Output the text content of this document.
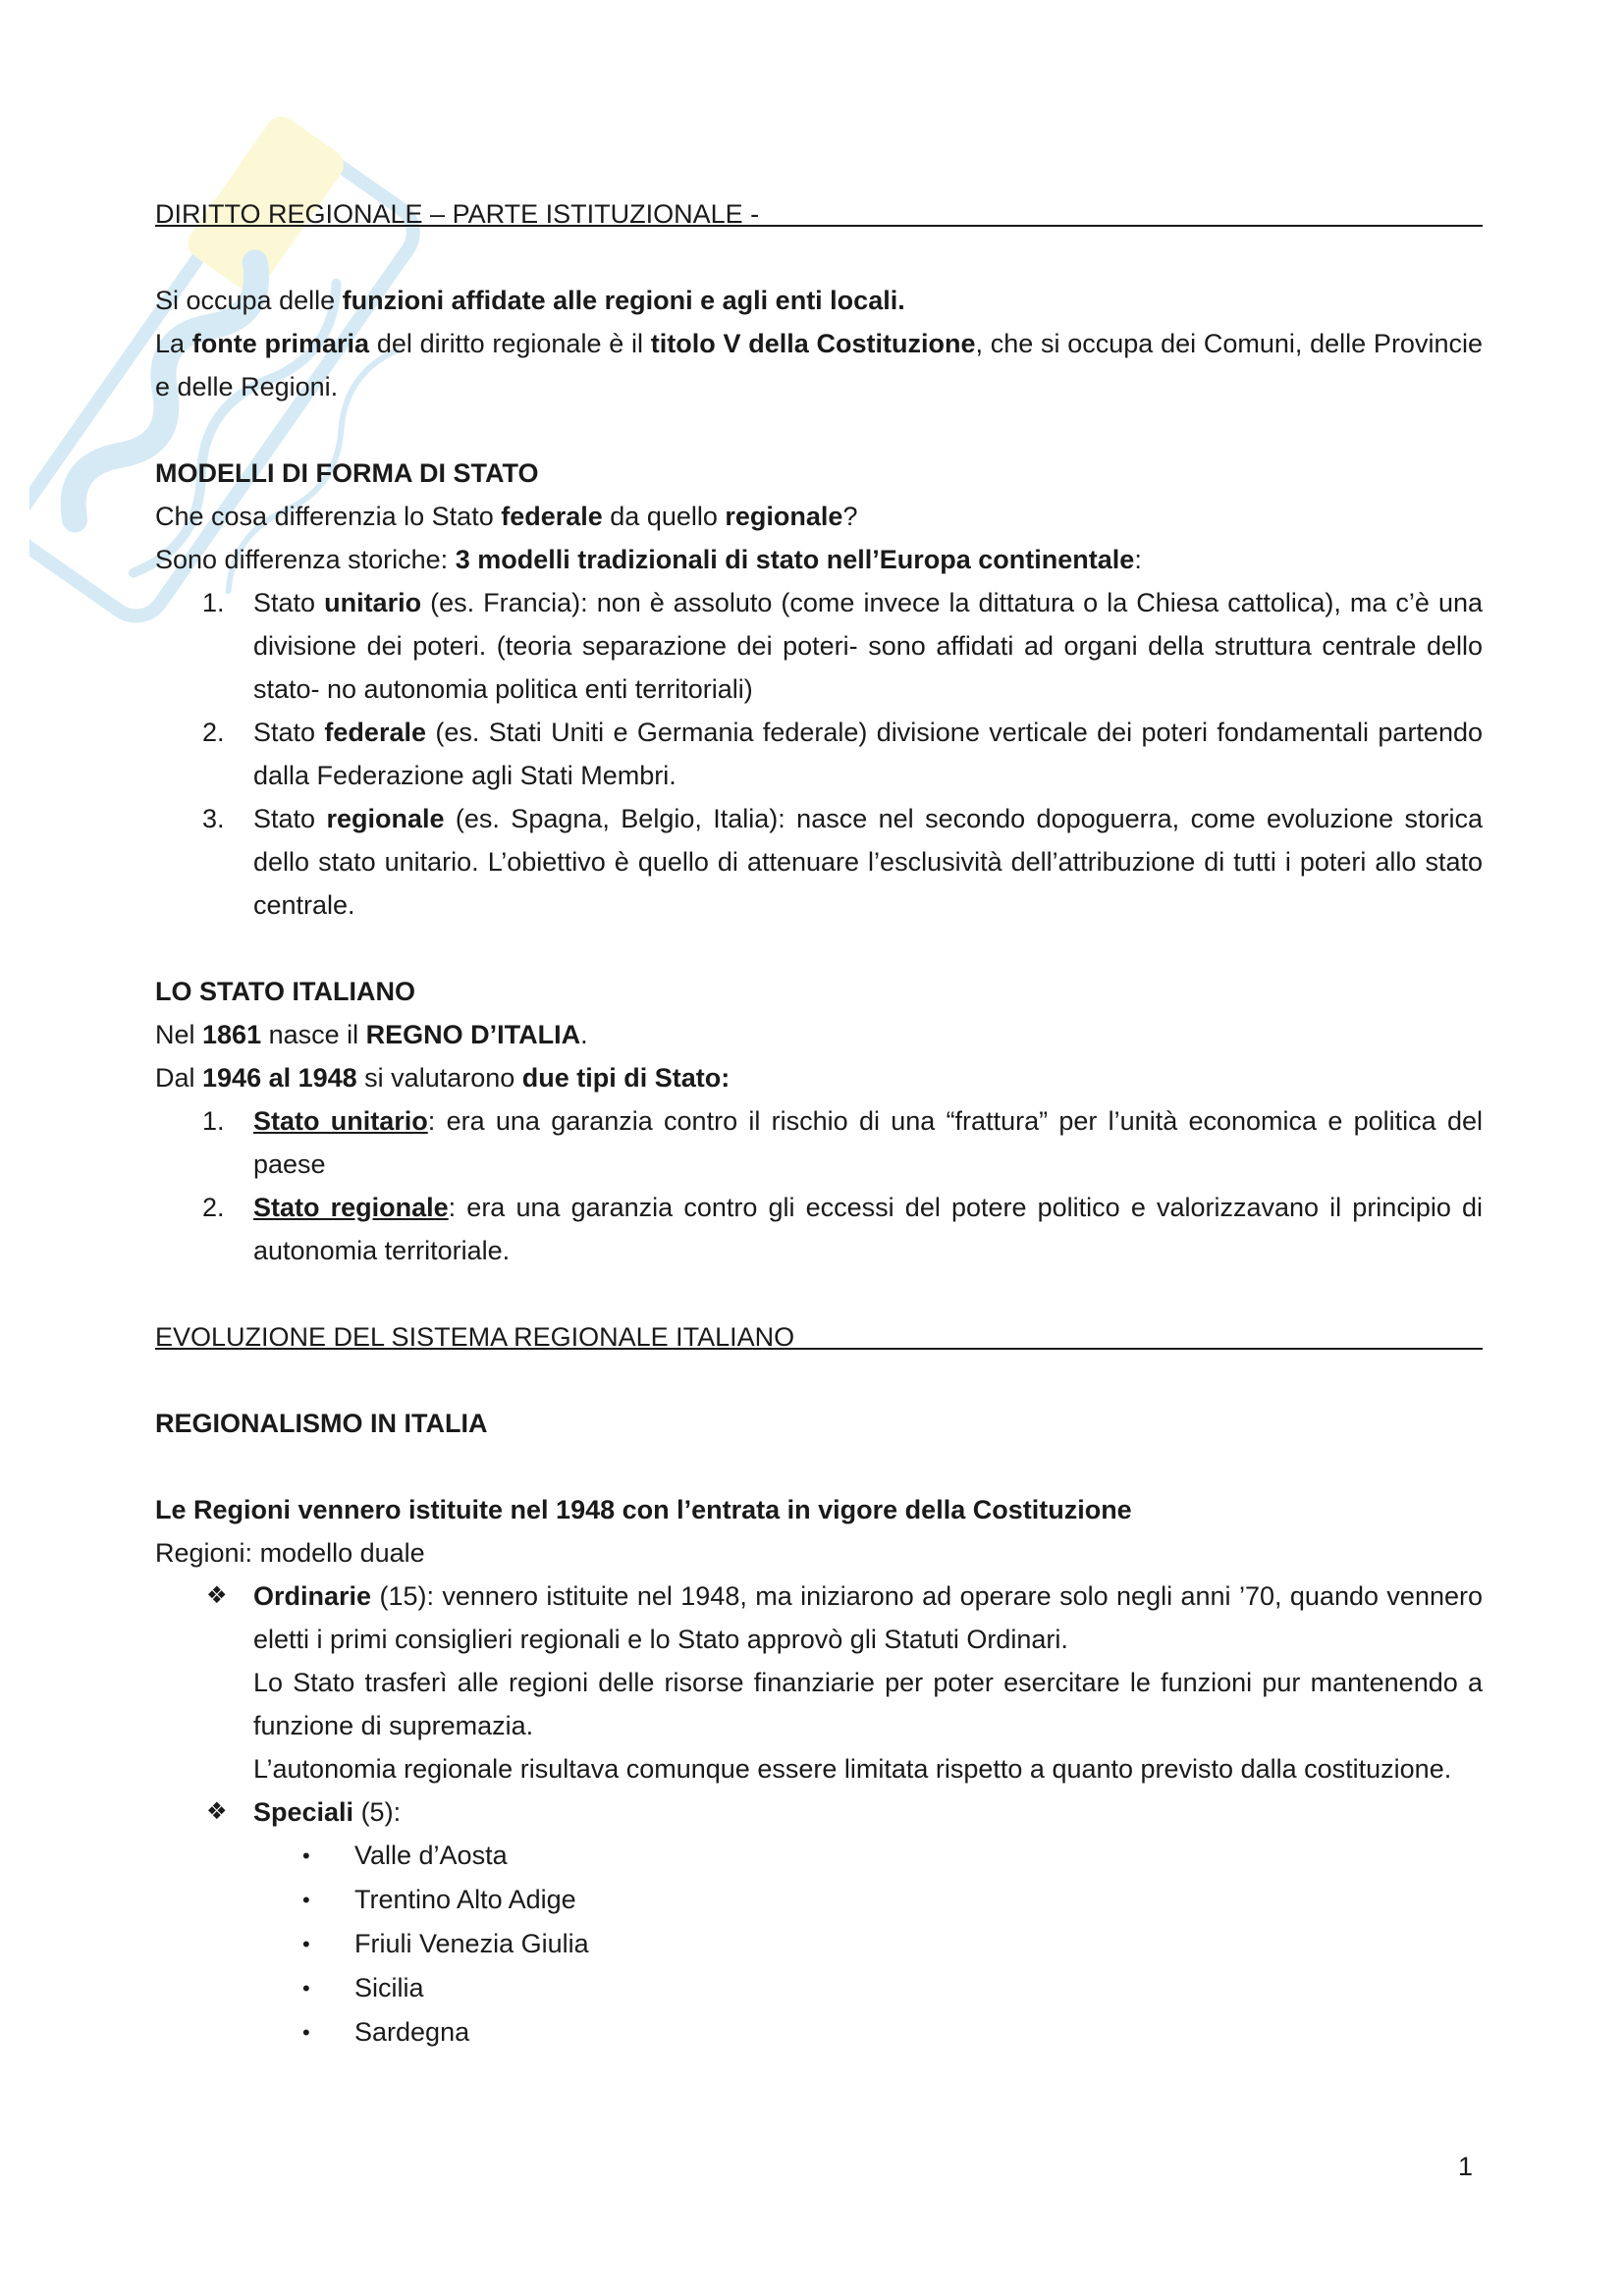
DIRITTO REGIONALE – PARTE ISTITUZIONALE -

Si occupa delle funzioni affidate alle regioni e agli enti locali.

La fonte primaria del diritto regionale è il titolo V della Costituzione, che si occupa dei Comuni, delle Provincie e delle Regioni.

MODELLI DI FORMA DI STATO

Che cosa differenzia lo Stato federale da quello regionale?

Sono differenza storiche: 3 modelli tradizionali di stato nell’Europa continentale:

1. Stato unitario (es. Francia): non è assoluto (come invece la dittatura o la Chiesa cattolica), ma c’è una divisione dei poteri. (teoria separazione dei poteri- sono affidati ad organi della struttura centrale dello stato- no autonomia politica enti territoriali)
2. Stato federale (es. Stati Uniti e Germania federale) divisione verticale dei poteri fondamentali partendo dalla Federazione agli Stati Membri.
3. Stato regionale (es. Spagna, Belgio, Italia): nasce nel secondo dopoguerra, come evoluzione storica dello stato unitario. L’obiettivo è quello di attenuare l’esclusività dell’attribuzione di tutti i poteri allo stato centrale.

LO STATO ITALIANO

Nel 1861 nasce il REGNO D’ITALIA.

Dal 1946 al 1948 si valutarono due tipi di Stato:

1. Stato unitario: era una garanzia contro il rischio di una “frattura” per l’unità economica e politica del paese
2. Stato regionale: era una garanzia contro gli eccessi del potere politico e valorizzavano il principio di autonomia territoriale.
EVOLUZIONE DEL SISTEMA REGIONALE ITALIANO

REGIONALISMO IN ITALIA

Le Regioni vennero istituite nel 1948 con l’entrata in vigore della Costituzione

Regioni: modello duale

❖ Ordinarie (15): vennero istituite nel 1948, ma iniziarono ad operare solo negli anni ’70, quando vennero eletti i primi consiglieri regionali e lo Stato approvò gli Statuti Ordinari.

Lo Stato trasferì alle regioni delle risorse finanziarie per poter esercitare le funzioni pur mantenendo a funzione di supremazia.

L’autonomia regionale risultava comunque essere limitata rispetto a quanto previsto dalla costituzione.

❖ Speciali (5):

• Valle d’Aosta
• Trentino Alto Adige
• Friuli Venezia Giulia
• Sicilia
• Sardegna
1
